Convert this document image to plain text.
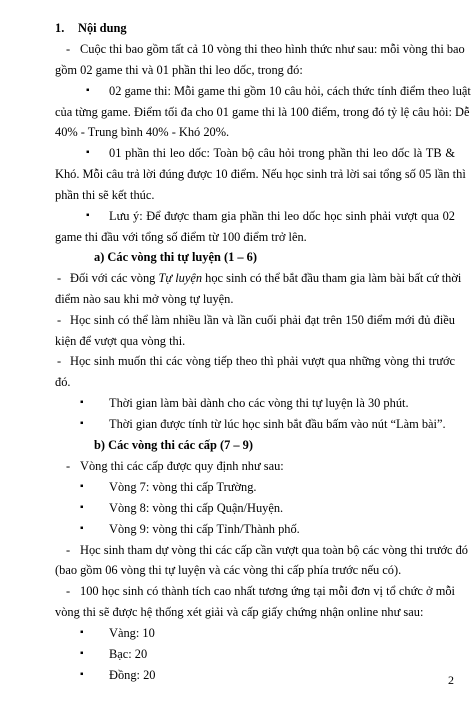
1. Nội dung
- Cuộc thi bao gồm tất cả 10 vòng thi theo hình thức như sau: mỗi vòng thi bao
gồm 02 game thi và 01 phần thi leo dốc, trong đó:
▪ 02 game thi: Mỗi game thi gồm 10 câu hỏi, cách thức tính điểm theo luật
của từng game. Điểm tối đa cho 01 game thi là 100 điểm, trong đó tỷ lệ câu hỏi: Dễ
40% - Trung bình 40% - Khó 20%.
▪ 01 phần thi leo dốc: Toàn bộ câu hỏi trong phần thi leo dốc là TB &
Khó. Mỗi câu trả lời đúng được 10 điểm. Nếu học sinh trả lời sai tổng số 05 lần thì
phần thi sẽ kết thúc.
▪ Lưu ý: Để được tham gia phần thi leo dốc học sinh phải vượt qua 02
game thi đầu với tổng số điểm từ 100 điểm trở lên.
a) Các vòng thi tự luyện (1 – 6)
- Đối với các vòng Tự luyện học sinh có thể bắt đầu tham gia làm bài bất cứ thời
điểm nào sau khi mở vòng tự luyện.
- Học sinh có thể làm nhiều lần và lần cuối phải đạt trên 150 điểm mới đủ điều
kiện để vượt qua vòng thi.
- Học sinh muốn thi các vòng tiếp theo thì phải vượt qua những vòng thi trước
đó.
▪ Thời gian làm bài dành cho các vòng thi tự luyện là 30 phút.
▪ Thời gian được tính từ lúc học sinh bắt đầu bấm vào nút “Làm bài”.
b) Các vòng thi các cấp (7 – 9)
- Vòng thi các cấp được quy định như sau:
▪ Vòng 7: vòng thi cấp Trường.
▪ Vòng 8: vòng thi cấp Quận/Huyện.
▪ Vòng 9: vòng thi cấp Tỉnh/Thành phố.
- Học sinh tham dự vòng thi các cấp cần vượt qua toàn bộ các vòng thi trước đó
(bao gồm 06 vòng thi tự luyện và các vòng thi cấp phía trước nếu có).
- 100 học sinh có thành tích cao nhất tương ứng tại mỗi đơn vị tổ chức ở mỗi
vòng thi sẽ được hệ thống xét giải và cấp giấy chứng nhận online như sau:
▪ Vàng: 10
▪ Bạc: 20
▪ Đồng: 20	2
